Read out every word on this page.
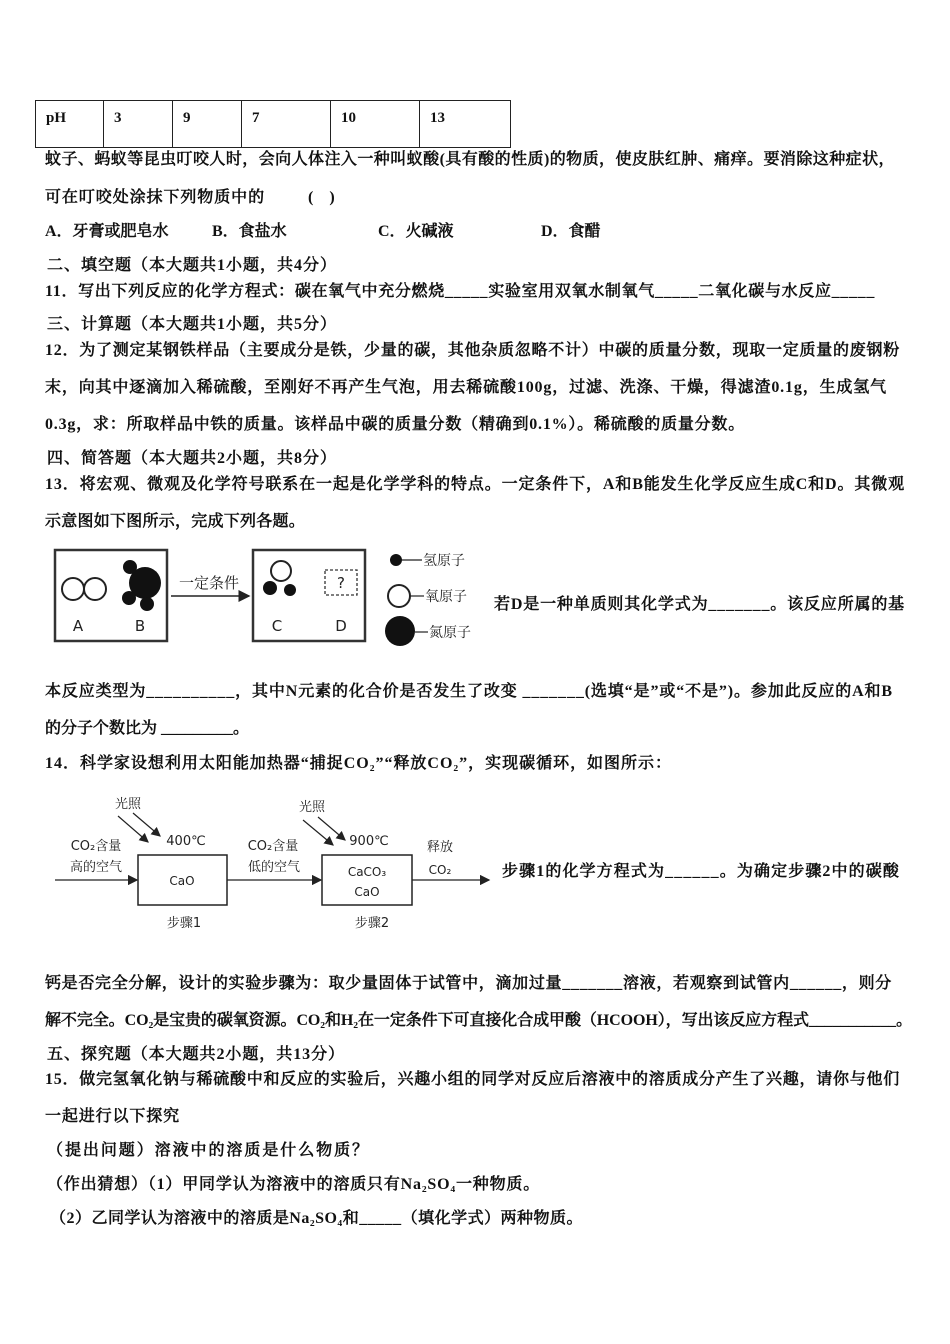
pH	3	9	7	10	13
蚊子、蚂蚁等昆虫叮咬人时，会向人体注入一种叫蚁酸(具有酸的性质)的物质，使皮肤红肿、痛痒。要消除这种症状，
可在叮咬处涂抹下列物质中的	(　)
A．牙膏或肥皂水	B．食盐水	C．火碱液	D．食醋
二、填空题（本大题共1小题，共4分）
11．写出下列反应的化学方程式：碳在氧气中充分燃烧_____实验室用双氧水制氧气_____二氧化碳与水反应_____
三、计算题（本大题共1小题，共5分）
12．为了测定某钢铁样品（主要成分是铁，少量的碳，其他杂质忽略不计）中碳的质量分数，现取一定质量的废钢粉
末，向其中逐滴加入稀硫酸，至刚好不再产生气泡，用去稀硫酸100g，过滤、洗涤、干燥，得滤渣0.1g，生成氢气
0.3g，求：所取样品中铁的质量。该样品中碳的质量分数（精确到0.1%）。稀硫酸的质量分数。
四、简答题（本大题共2小题，共8分）
13．将宏观、微观及化学符号联系在一起是化学学科的特点。一定条件下，A和B能发生化学反应生成C和D。其微观
示意图如下图所示，完成下列各题。
A	B
一定条件	?
C	D
氢原子
氧原子
氮原子
若D是一种单质则其化学式为_______。该反应所属的基
本反应类型为__________，其中N元素的化合价是否发生了改变 _______(选填“是”或“不是”)。参加此反应的A和B
的分子个数比为 _________。
14．科学家设想利用太阳能加热器“捕捉CO₂”“释放CO₂”，实现碳循环，如图所示：
光照
400℃
CO₂含量
高的空气
CaO
步骤1
CO₂含量
低的空气
光照
900℃
CaCO₃
CaO
步骤2
释放
CO₂	步骤1的化学方程式为______。为确定步骤2中的碳酸
钙是否完全分解，设计的实验步骤为：取少量固体于试管中，滴加过量_______溶液，若观察到试管内______，则分
解不完全。CO₂是宝贵的碳氧资源。CO₂和H₂在一定条件下可直接化合成甲酸（HCOOH），写出该反应方程式___________。
五、探究题（本大题共2小题，共13分）
15．做完氢氧化钠与稀硫酸中和反应的实验后，兴趣小组的同学对反应后溶液中的溶质成分产生了兴趣，请你与他们
一起进行以下探究
（提出问题）溶液中的溶质是什么物质？
（作出猜想）（1）甲同学认为溶液中的溶质只有Na₂SO₄一种物质。
（2）乙同学认为溶液中的溶质是Na₂SO₄和_____（填化学式）两种物质。
